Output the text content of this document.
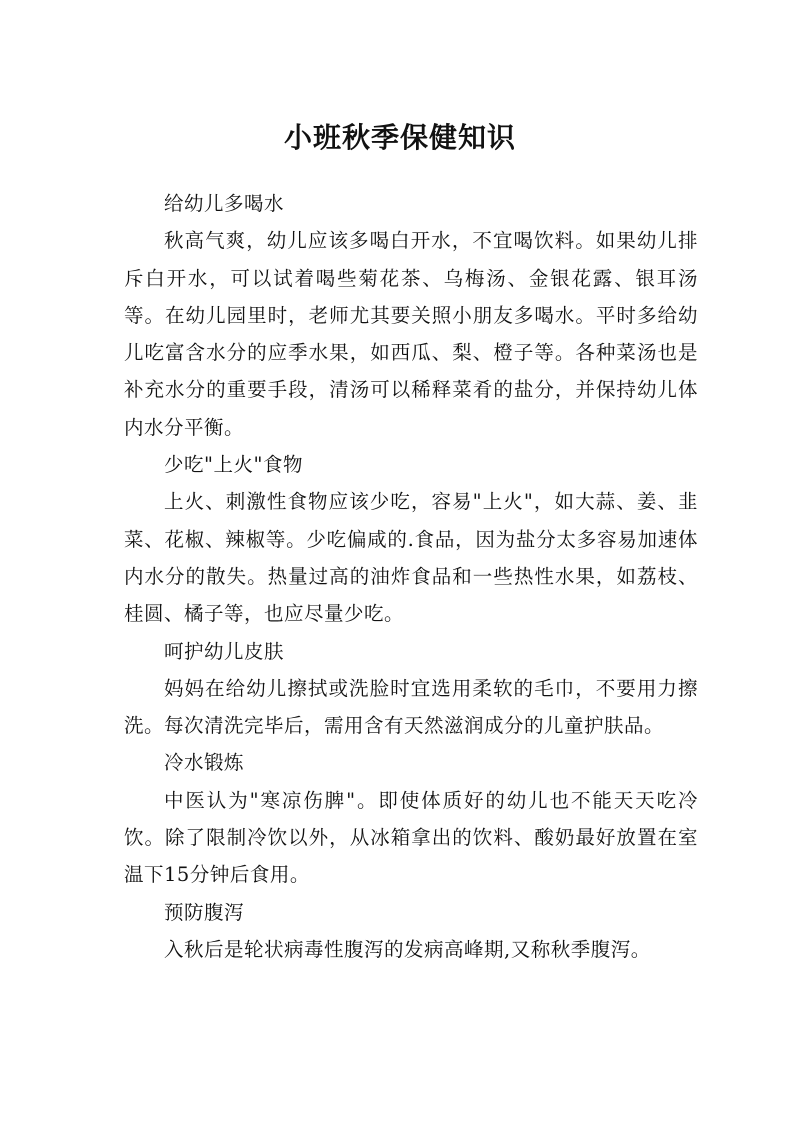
小班秋季保健知识

给幼儿多喝水

秋高气爽，幼儿应该多喝白开水，不宜喝饮料。如果幼儿排斥白开水，可以试着喝些菊花茶、乌梅汤、金银花露、银耳汤等。在幼儿园里时，老师尤其要关照小朋友多喝水。平时多给幼儿吃富含水分的应季水果，如西瓜、梨、橙子等。各种菜汤也是补充水分的重要手段，清汤可以稀释菜肴的盐分，并保持幼儿体内水分平衡。

少吃"上火"食物

上火、刺激性食物应该少吃，容易"上火"，如大蒜、姜、韭菜、花椒、辣椒等。少吃偏咸的.食品，因为盐分太多容易加速体内水分的散失。热量过高的油炸食品和一些热性水果，如荔枝、桂圆、橘子等，也应尽量少吃。

呵护幼儿皮肤

妈妈在给幼儿擦拭或洗脸时宜选用柔软的毛巾，不要用力擦洗。每次清洗完毕后，需用含有天然滋润成分的儿童护肤品。

冷水锻炼

中医认为"寒凉伤脾"。即使体质好的幼儿也不能天天吃冷饮。除了限制冷饮以外，从冰箱拿出的饮料、酸奶最好放置在室温下15分钟后食用。

预防腹泻

入秋后是轮状病毒性腹泻的发病高峰期,又称秋季腹泻。
